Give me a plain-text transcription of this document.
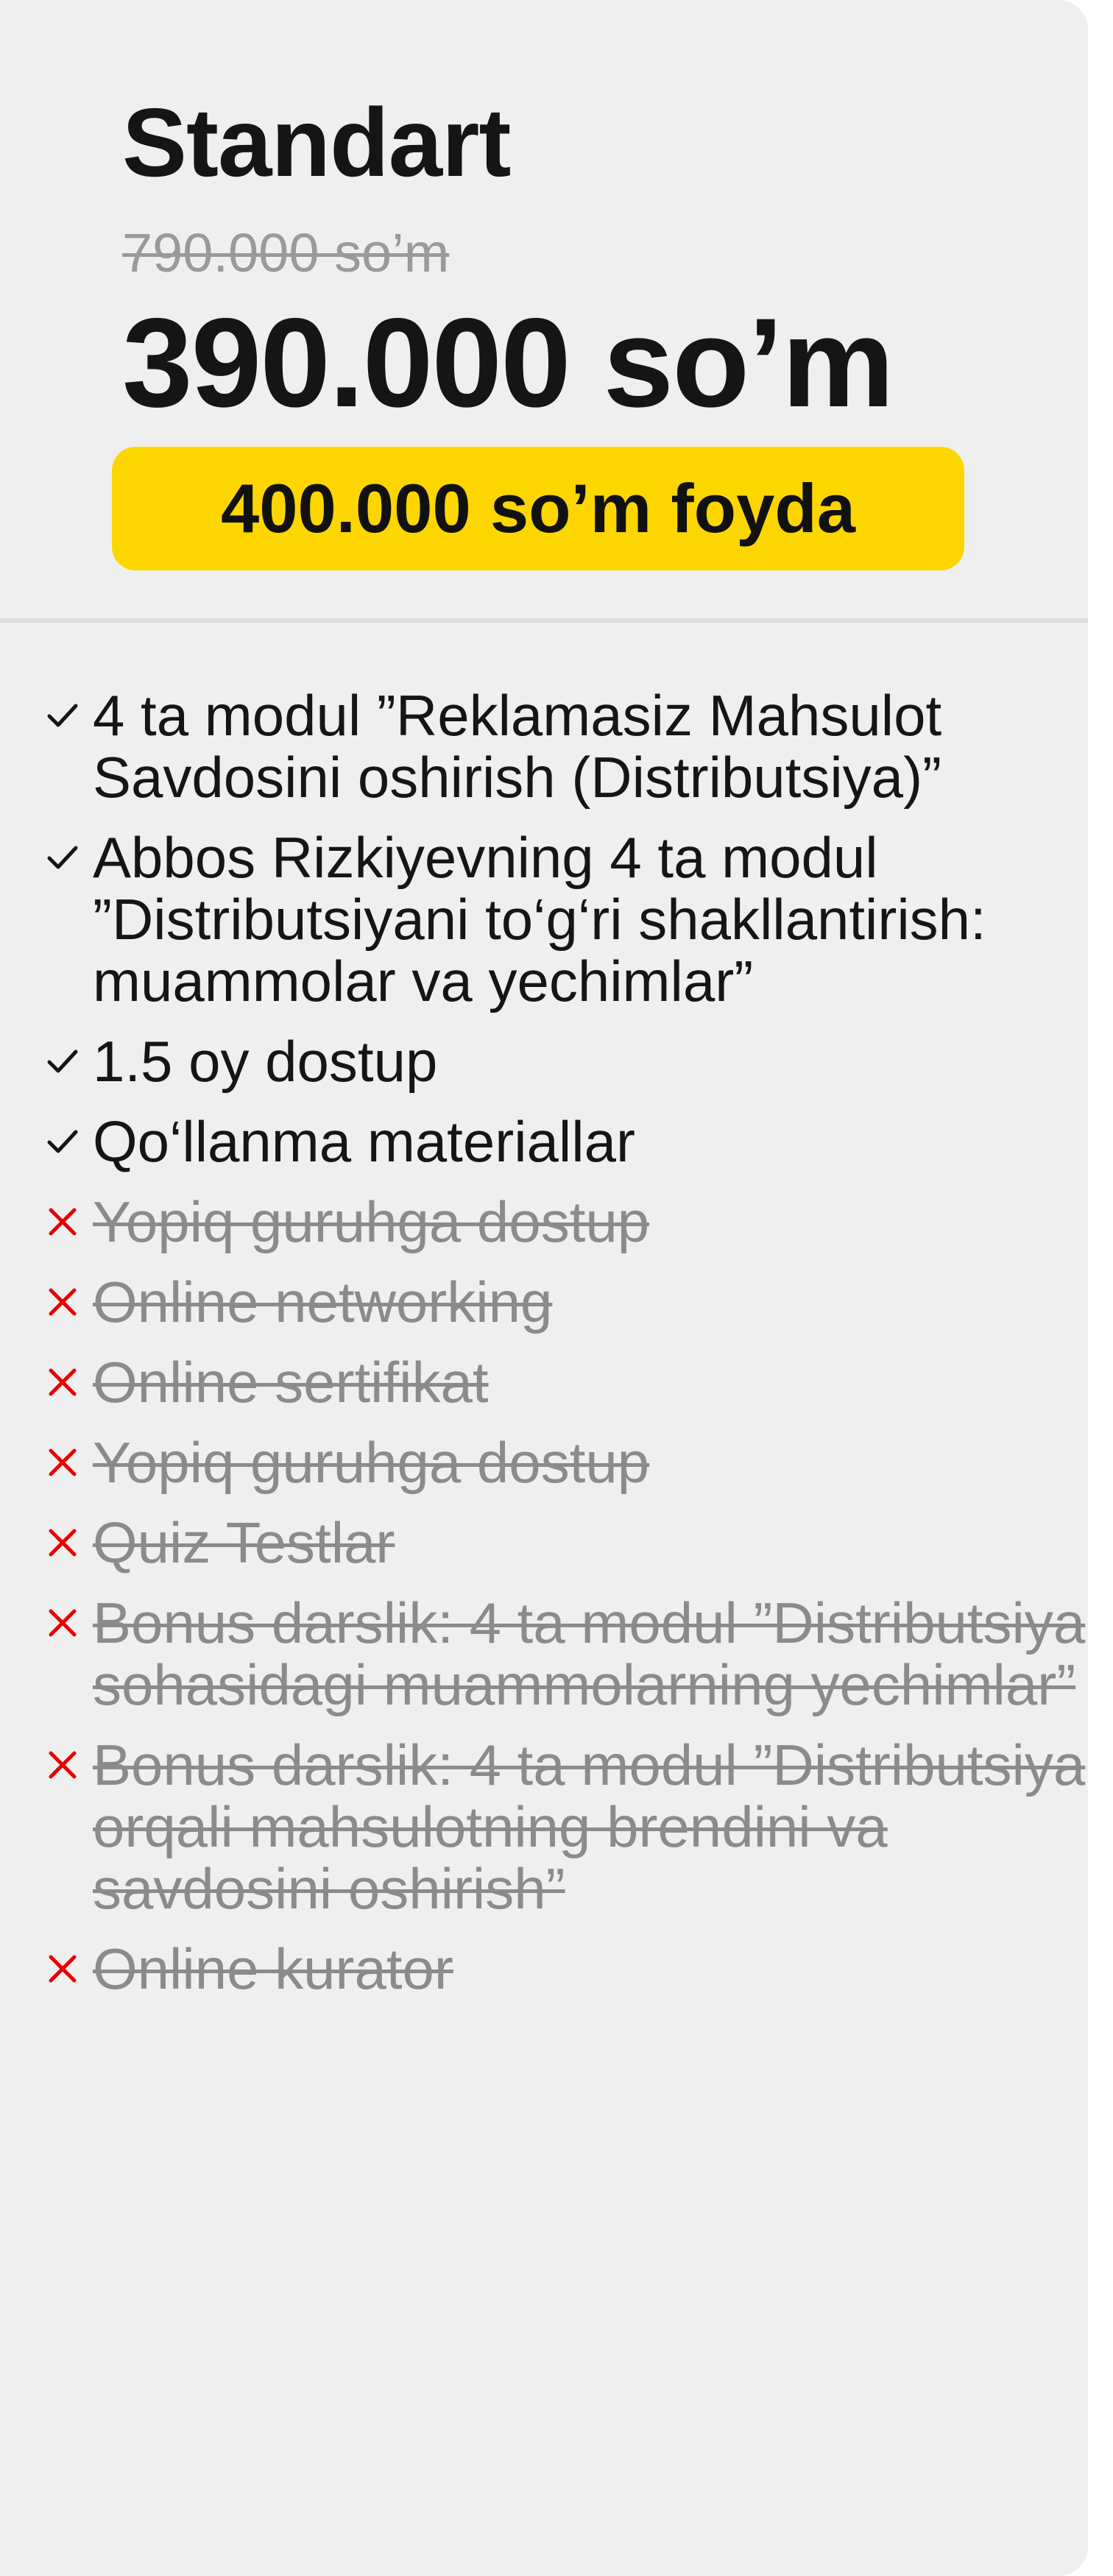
Standart
790.000 so’m
390.000 so’m
400.000 so’m foyda
4 ta modul ”Reklamasiz Mahsulot Savdosini oshirish (Distributsiya)”
Abbos Rizkiyevning 4 ta modul ”Distributsiyani to‘g‘ri shakllantirish: muammolar va yechimlar”
1.5 oy dostup
Qo‘llanma materiallar
Yopiq guruhga dostup
Online networking
Online sertifikat
Yopiq guruhga dostup
Quiz Testlar
Bonus darslik: 4 ta modul ”Distributsiya sohasidagi muammolarning yechimlar”
Bonus darslik: 4 ta modul ”Distributsiya orqali mahsulotning brendini va savdosini oshirish”
Online kurator
